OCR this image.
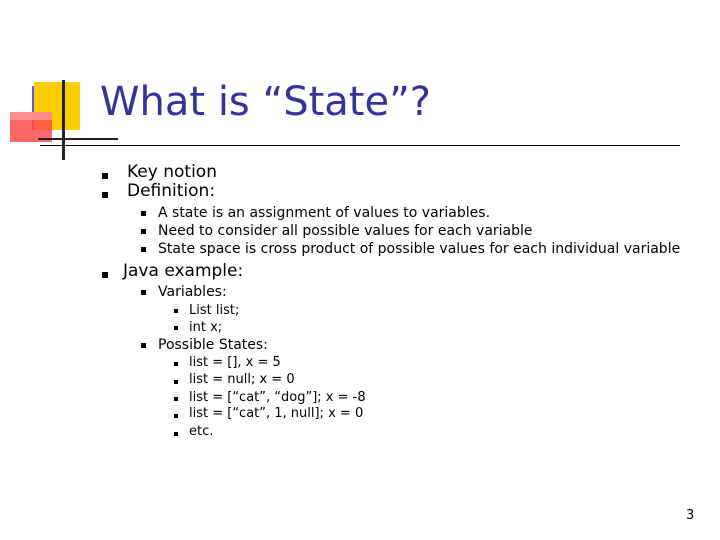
What is “State”?
Key notion
Definition:
A state is an assignment of values to variables.
Need to consider all possible values for each variable
State space is cross product of possible values for each individual variable
Java example:
Variables:
List list;
int x;
Possible States:
list = [], x = 5
list = null; x = 0
list = [“cat”, “dog”]; x = -8
list = [“cat”, 1, null]; x = 0
etc.
3
